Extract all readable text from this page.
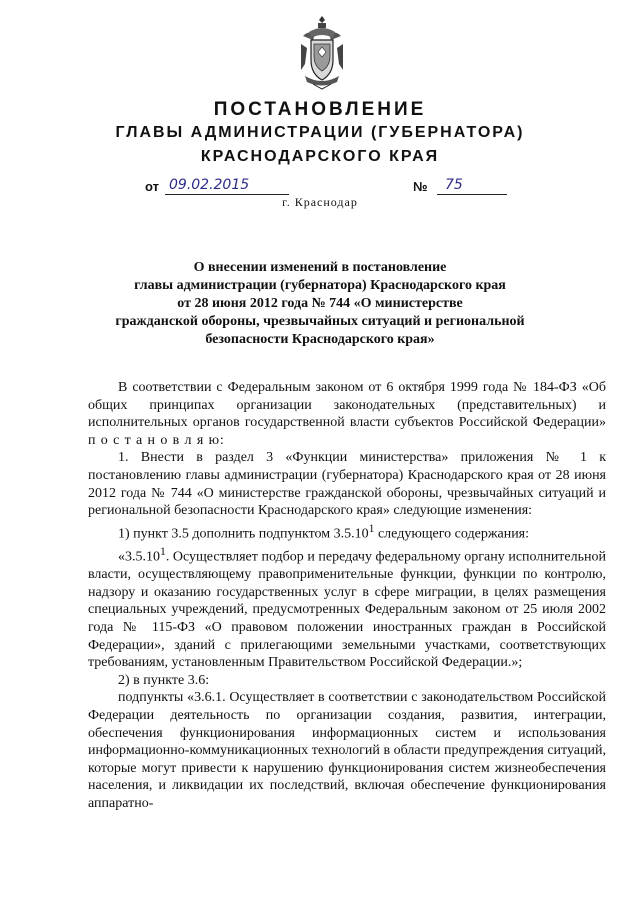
ПОСТАНОВЛЕНИЕ
ГЛАВЫ АДМИНИСТРАЦИИ (ГУБЕРНАТОРА)
КРАСНОДАРСКОГО КРАЯ
от 09.02.2015	№	75
г. Краснодар
О внесении изменений в постановление
главы администрации (губернатора) Краснодарского края
от 28 июня 2012 года № 744 «О министерстве
гражданской обороны, чрезвычайных ситуаций и региональной
безопасности Краснодарского края»
В соответствии с Федеральным законом от 6 октября 1999 года № 184-ФЗ «Об общих принципах организации законодательных (представительных) и исполнительных органов государственной власти субъектов Российской Федерации» п о с т а н о в л я ю:
1. Внести в раздел 3 «Функции министерства» приложения № 1 к постановлению главы администрации (губернатора) Краснодарского края от 28 июня 2012 года № 744 «О министерстве гражданской обороны, чрезвычайных ситуаций и региональной безопасности Краснодарского края» следующие изменения:
1) пункт 3.5 дополнить подпунктом 3.5.10$^1$ следующего содержания:
«3.5.10$^1$. Осуществляет подбор и передачу федеральному органу исполнительной власти, осуществляющему правоприменительные функции, функции по контролю, надзору и оказанию государственных услуг в сфере миграции, в целях размещения специальных учреждений, предусмотренных Федеральным законом от 25 июля 2002 года № 115-ФЗ «О правовом положении иностранных граждан в Российской Федерации», зданий с прилегающими земельными участками, соответствующих требованиям, установленным Правительством Российской Федерации.»;
2) в пункте 3.6:
подпункты «3.6.1. Осуществляет в соответствии с законодательством Российской Федерации деятельность по организации создания, развития, интеграции, обеспечения функционирования информационных систем и использования информационно-коммуникационных технологий в области предупреждения ситуаций, которые могут привести к нарушению функционирования систем жизнеобеспечения населения, и ликвидации их последствий, включая обеспечение функционирования аппаратно-
